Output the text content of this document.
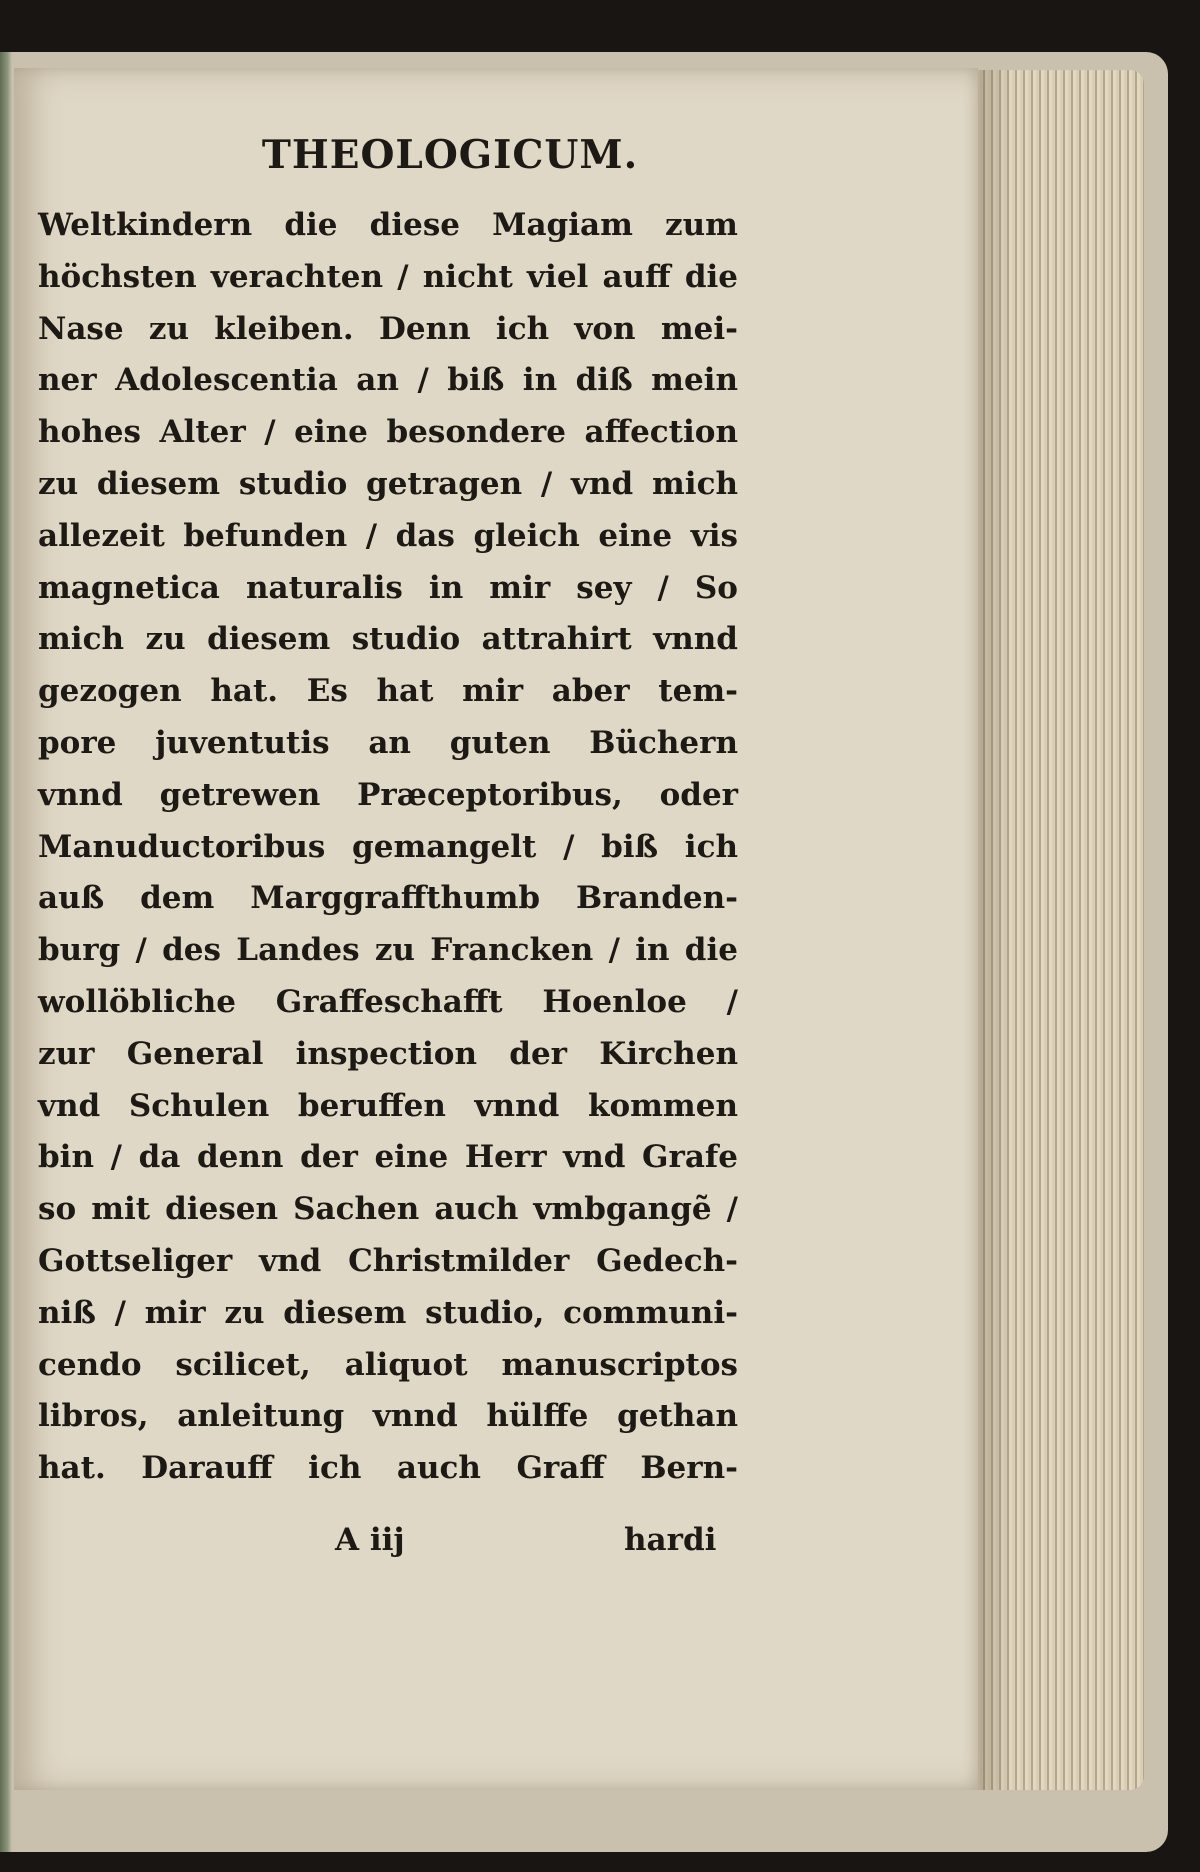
THEOLOGICUM.

Weltkindern die diese Magiam zum
höchsten verachten / nicht viel auff die
Nase zu kleiben. Denn ich von mei-
ner Adolescentia an / biß in diß mein
hohes Alter / eine besondere affection
zu diesem studio getragen / vnd mich
allezeit befunden / das gleich eine vis
magnetica naturalis in mir sey / So
mich zu diesem studio attrahirt vnnd
gezogen hat. Es hat mir aber tem-
pore juventutis an guten Büchern
vnnd getrewen Præceptoribus, oder
Manuductoribus gemangelt / biß ich
auß dem Marggraffthumb Branden-
burg / des Landes zu Francken / in die
wollöbliche Graffeschafft Hoenloe /
zur General inspection der Kirchen
vnd Schulen beruffen vnnd kommen
bin / da denn der eine Herr vnd Grafe
so mit diesen Sachen auch vmbgangẽ /
Gottseliger vnd Christmilder Gedech-
niß / mir zu diesem studio, communi-
cendo scilicet, aliquot manuscriptos
libros, anleitung vnnd hülffe gethan
hat. Darauff ich auch Graff Bern-

A iij	hardi
